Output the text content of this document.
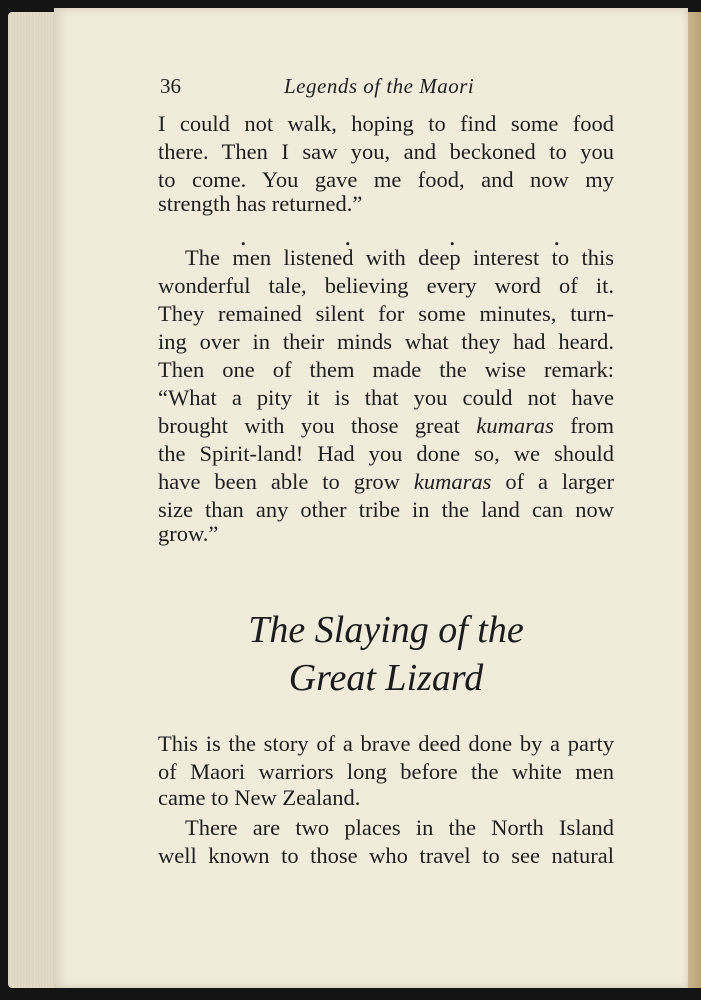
36	Legends of the Maori
I could not walk, hoping to find some food
there. Then I saw you, and beckoned to you
to come. You gave me food, and now my
strength has returned.”
.	.	.	.
The men listened with deep interest to this
wonderful tale, believing every word of it.
They remained silent for some minutes, turn-
ing over in their minds what they had heard.
Then one of them made the wise remark:
“What a pity it is that you could not have
brought with you those great kumaras from
the Spirit-land! Had you done so, we should
have been able to grow kumaras of a larger
size than any other tribe in the land can now
grow.”
The Slaying of the
Great Lizard
This is the story of a brave deed done by a party
of Maori warriors long before the white men
came to New Zealand.
There are two places in the North Island
well known to those who travel to see natural
